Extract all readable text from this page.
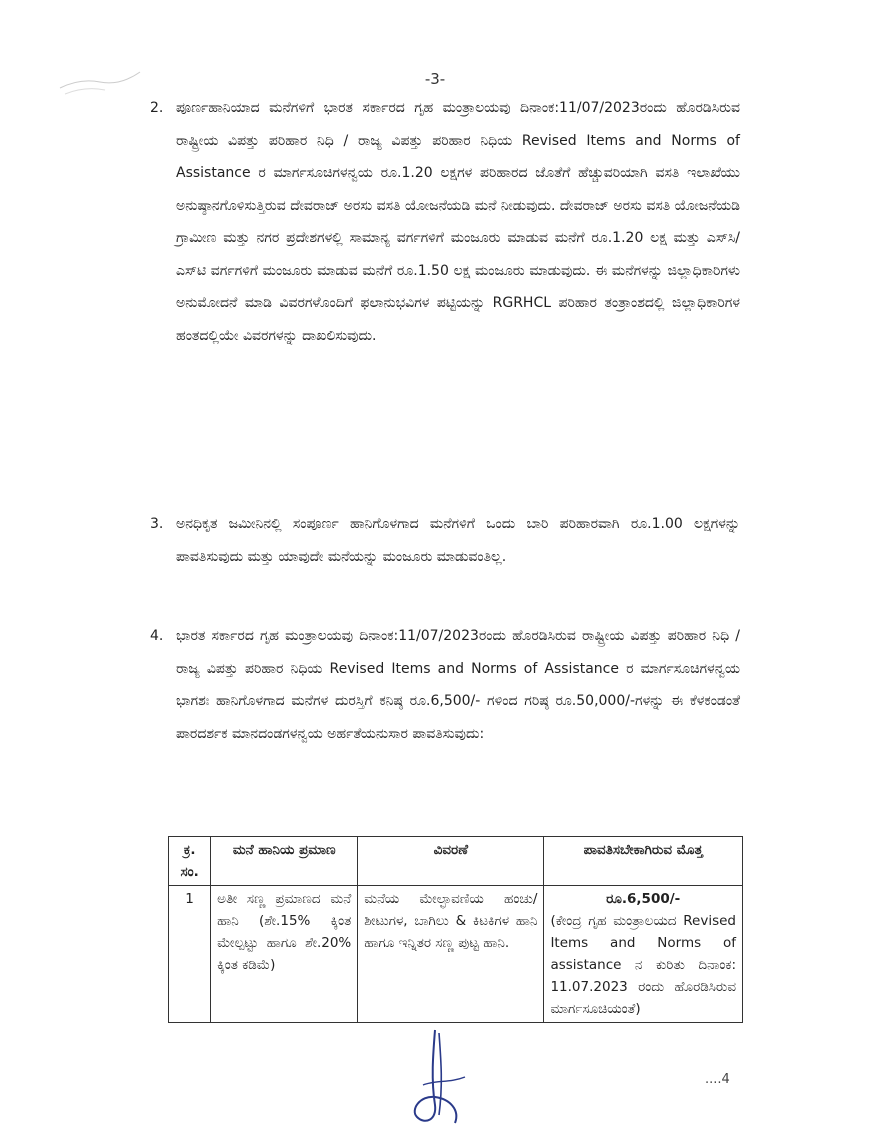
-3-
2. ಪೂರ್ಣಹಾನಿಯಾದ ಮನೆಗಳಿಗೆ ಭಾರತ ಸರ್ಕಾರದ ಗೃಹ ಮಂತ್ರಾಲಯವು ದಿನಾಂಕ:11/07/2023ರಂದು ಹೊರಡಿಸಿರುವ ರಾಷ್ಟ್ರೀಯ ವಿಪತ್ತು ಪರಿಹಾರ ನಿಧಿ / ರಾಜ್ಯ ವಿಪತ್ತು ಪರಿಹಾರ ನಿಧಿಯ Revised Items and Norms of Assistance ರ ಮಾರ್ಗಸೂಚಿಗಳನ್ವಯ ರೂ.1.20 ಲಕ್ಷಗಳ ಪರಿಹಾರದ ಜೊತೆಗೆ ಹೆಚ್ಚುವರಿಯಾಗಿ ವಸತಿ ಇಲಾಖೆಯು ಅನುಷ್ಠಾನಗೊಳಿಸುತ್ತಿರುವ ದೇವರಾಜ್ ಅರಸು ವಸತಿ ಯೋಜನೆಯಡಿ ಮನೆ ನೀಡುವುದು. ದೇವರಾಜ್ ಅರಸು ವಸತಿ ಯೋಜನೆಯಡಿ ಗ್ರಾಮೀಣ ಮತ್ತು ನಗರ ಪ್ರದೇಶಗಳಲ್ಲಿ ಸಾಮಾನ್ಯ ವರ್ಗಗಳಿಗೆ ಮಂಜೂರು ಮಾಡುವ ಮನೆಗೆ ರೂ.1.20 ಲಕ್ಷ ಮತ್ತು ಎಸ್‌ಸಿ/ಎಸ್‌ಟಿ ವರ್ಗಗಳಿಗೆ ಮಂಜೂರು ಮಾಡುವ ಮನೆಗೆ ರೂ.1.50 ಲಕ್ಷ ಮಂಜೂರು ಮಾಡುವುದು. ಈ ಮನೆಗಳನ್ನು ಜಿಲ್ಲಾಧಿಕಾರಿಗಳು ಅನುಮೋದನೆ ಮಾಡಿ ವಿವರಗಳೊಂದಿಗೆ ಫಲಾನುಭವಿಗಳ ಪಟ್ಟಿಯನ್ನು RGRHCL ಪರಿಹಾರ ತಂತ್ರಾಂಶದಲ್ಲಿ ಜಿಲ್ಲಾಧಿಕಾರಿಗಳ ಹಂತದಲ್ಲಿಯೇ ವಿವರಗಳನ್ನು ದಾಖಲಿಸುವುದು.
3. ಅನಧಿಕೃತ ಜಮೀನಿನಲ್ಲಿ ಸಂಪೂರ್ಣ ಹಾನಿಗೊಳಗಾದ ಮನೆಗಳಿಗೆ ಒಂದು ಬಾರಿ ಪರಿಹಾರವಾಗಿ ರೂ.1.00 ಲಕ್ಷಗಳನ್ನು ಪಾವತಿಸುವುದು ಮತ್ತು ಯಾವುದೇ ಮನೆಯನ್ನು ಮಂಜೂರು ಮಾಡುವಂತಿಲ್ಲ.
4. ಭಾರತ ಸರ್ಕಾರದ ಗೃಹ ಮಂತ್ರಾಲಯವು ದಿನಾಂಕ:11/07/2023ರಂದು ಹೊರಡಿಸಿರುವ ರಾಷ್ಟ್ರೀಯ ವಿಪತ್ತು ಪರಿಹಾರ ನಿಧಿ / ರಾಜ್ಯ ವಿಪತ್ತು ಪರಿಹಾರ ನಿಧಿಯ Revised Items and Norms of Assistance ರ ಮಾರ್ಗಸೂಚಿಗಳನ್ವಯ ಭಾಗಶಃ ಹಾನಿಗೊಳಗಾದ ಮನೆಗಳ ದುರಸ್ತಿಗೆ ಕನಿಷ್ಠ ರೂ.6,500/- ಗಳಿಂದ ಗರಿಷ್ಠ ರೂ.50,000/-ಗಳನ್ನು ಈ ಕೆಳಕಂಡಂತೆ ಪಾರದರ್ಶಕ ಮಾನದಂಡಗಳನ್ವಯ ಅರ್ಹತೆಯನುಸಾರ ಪಾವತಿಸುವುದು:
ಕ್ರ. ಸಂ.	ಮನೆ ಹಾನಿಯ ಪ್ರಮಾಣ	ವಿವರಣೆ	ಪಾವತಿಸಬೇಕಾಗಿರುವ ಮೊತ್ತ
1	ಅತೀ ಸಣ್ಣ ಪ್ರಮಾಣದ ಮನೆ ಹಾನಿ (ಶೇ.15% ಕ್ಕಿಂತ ಮೇಲ್ಪಟ್ಟು ಹಾಗೂ ಶೇ.20% ಕ್ಕಿಂತ ಕಡಿಮೆ)	ಮನೆಯ ಮೇಲ್ಛಾವಣಿಯ ಹಂಚು/ಶೀಟುಗಳ, ಬಾಗಿಲು & ಕಿಟಕಿಗಳ ಹಾನಿ ಹಾಗೂ ಇನ್ನಿತರ ಸಣ್ಣ ಪುಟ್ಟ ಹಾನಿ.	ರೂ.6,500/-
(ಕೇಂದ್ರ ಗೃಹ ಮಂತ್ರಾಲಯದ Revised Items and Norms of assistance ನ ಕುರಿತು ದಿನಾಂಕ: 11.07.2023 ರಂದು ಹೊರಡಿಸಿರುವ ಮಾರ್ಗಸೂಚಿಯಂತೆ)
....4
